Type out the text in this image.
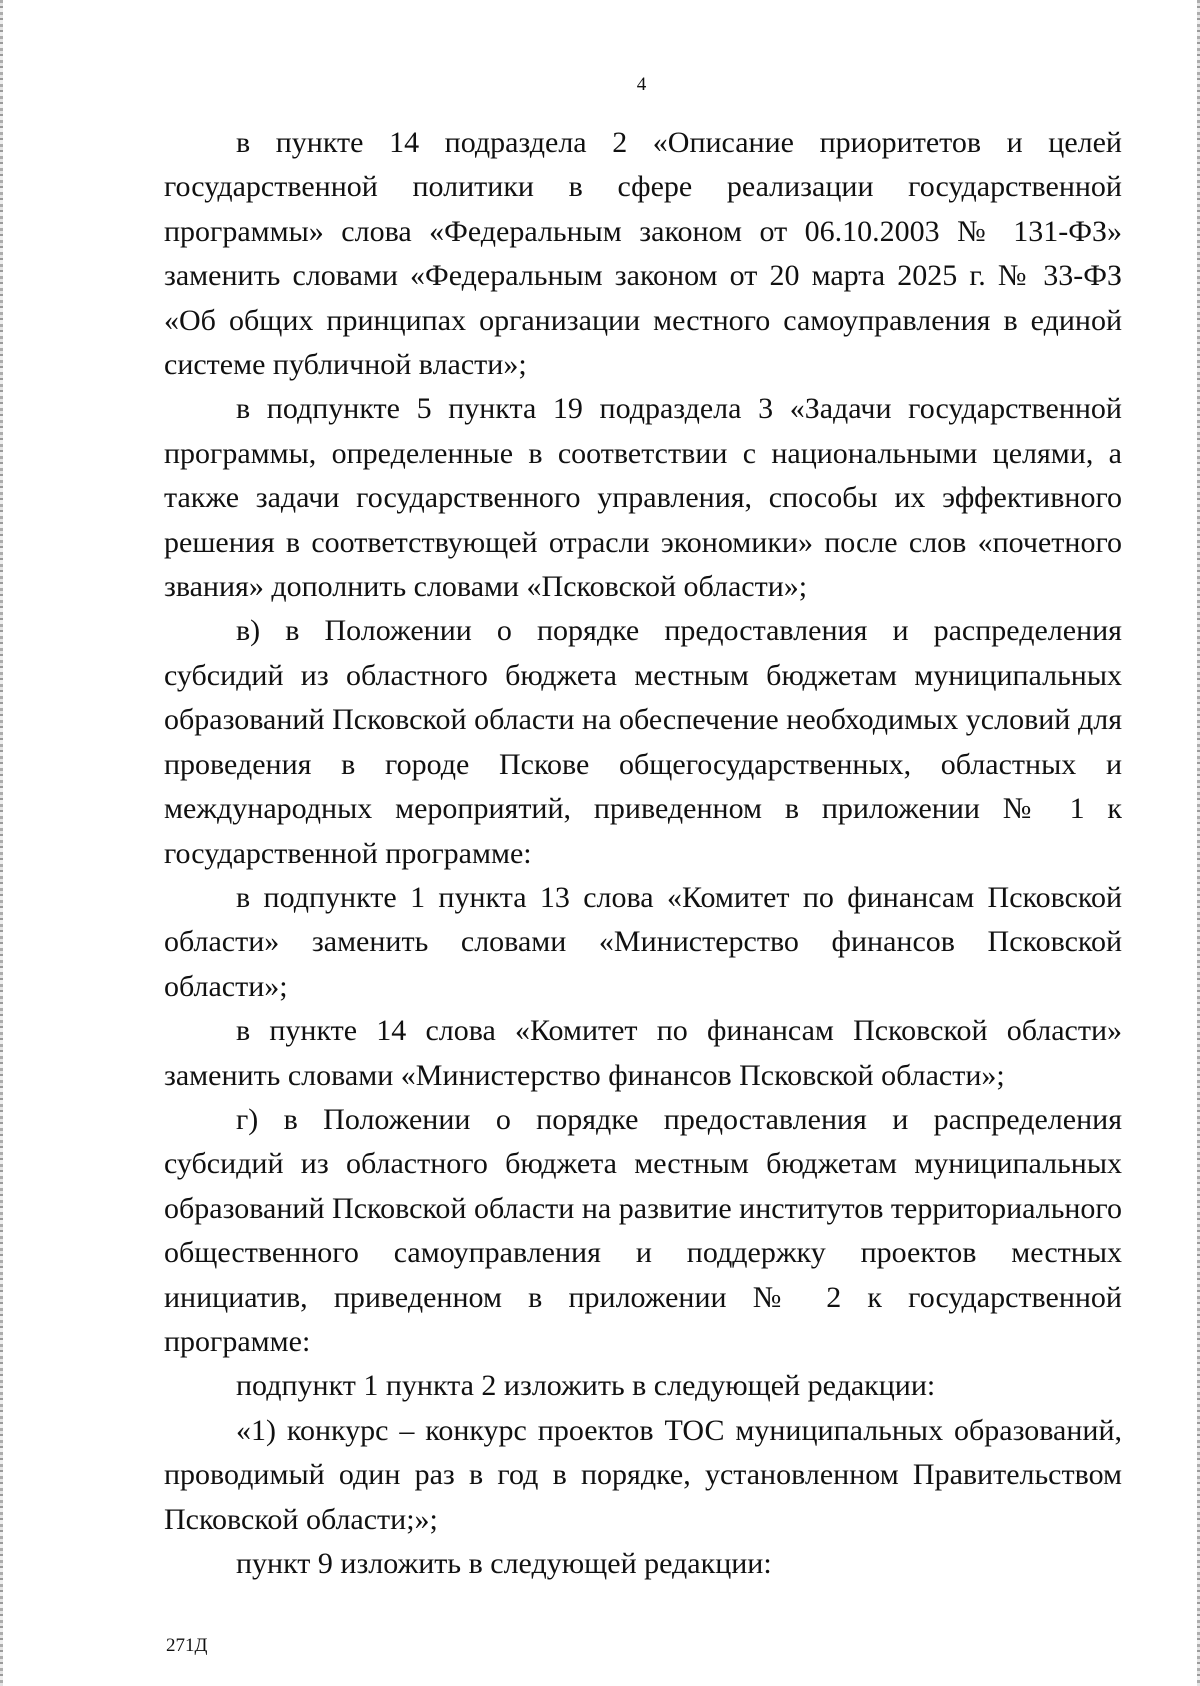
4

в пункте 14 подраздела 2 «Описание приоритетов и целей государственной политики в сфере реализации государственной программы» слова «Федеральным законом от 06.10.2003 № 131-ФЗ» заменить словами «Федеральным законом от 20 марта 2025 г. № 33-ФЗ «Об общих принципах организации местного самоуправления в единой системе публичной власти»;

в подпункте 5 пункта 19 подраздела 3 «Задачи государственной программы, определенные в соответствии с национальными целями, а также задачи государственного управления, способы их эффективного решения в соответствующей отрасли экономики» после слов «почетного звания» дополнить словами «Псковской области»;

в) в Положении о порядке предоставления и распределения субсидий из областного бюджета местным бюджетам муниципальных образований Псковской области на обеспечение необходимых условий для проведения в городе Пскове общегосударственных, областных и международных мероприятий, приведенном в приложении № 1 к государственной программе:

в подпункте 1 пункта 13 слова «Комитет по финансам Псковской области» заменить словами «Министерство финансов Псковской области»;

в пункте 14 слова «Комитет по финансам Псковской области» заменить словами «Министерство финансов Псковской области»;

г) в Положении о порядке предоставления и распределения субсидий из областного бюджета местным бюджетам муниципальных образований Псковской области на развитие институтов территориального общественного самоуправления и поддержку проектов местных инициатив, приведенном в приложении № 2 к государственной программе:

подпункт 1 пункта 2 изложить в следующей редакции:

«1) конкурс – конкурс проектов ТОС муниципальных образований, проводимый один раз в год в порядке, установленном Правительством Псковской области;»;

пункт 9 изложить в следующей редакции:

271Д
